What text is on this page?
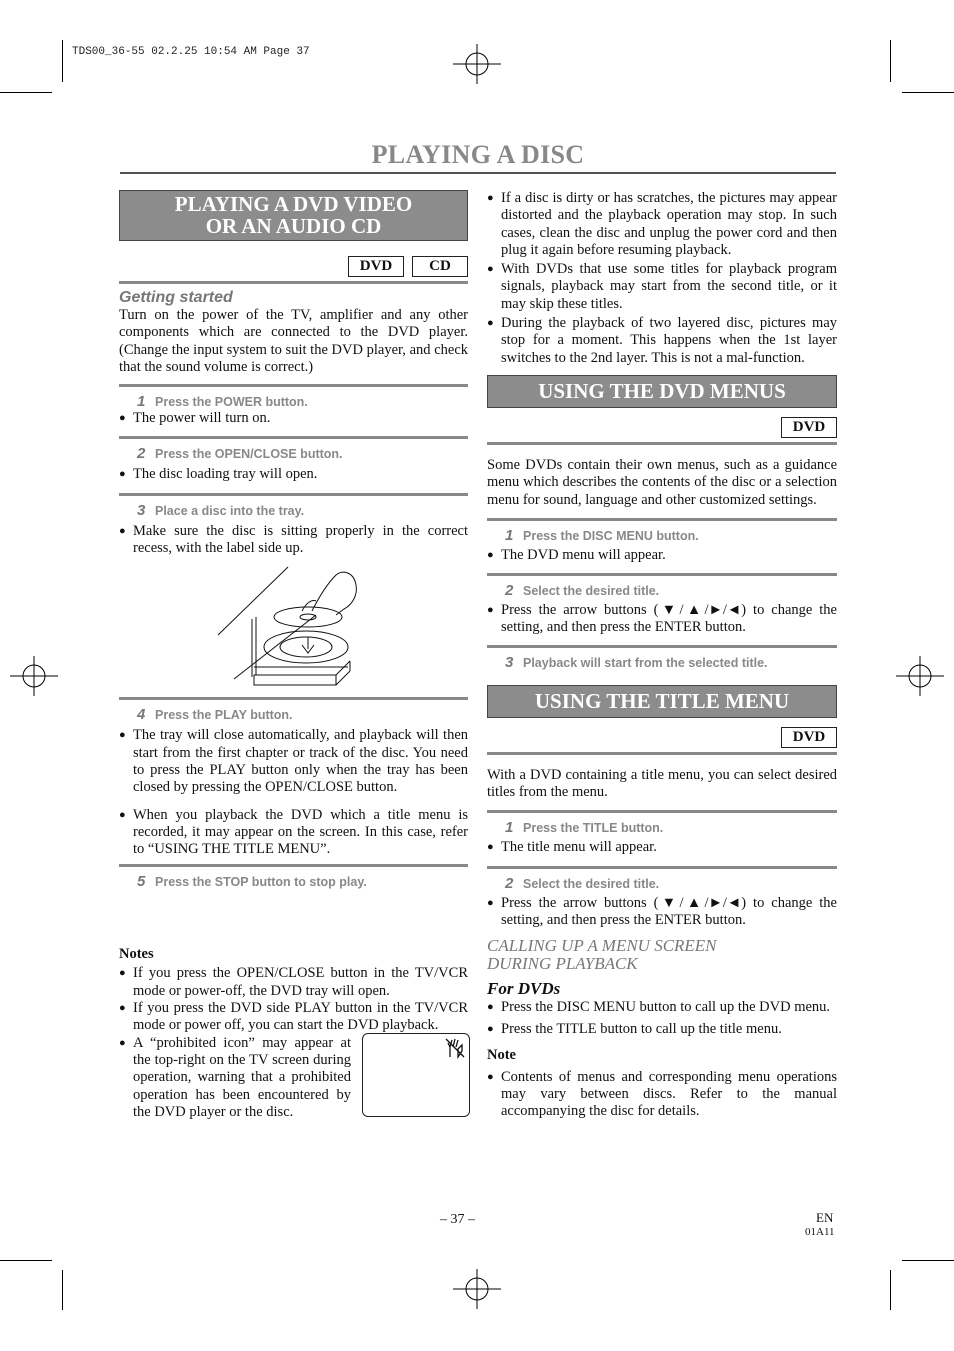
TDS00_36-55 02.2.25 10:54 AM Page 37
PLAYING A DISC
PLAYING A DVD VIDEO
OR AN AUDIO CD
DVD	CD
Getting started

Turn on the power of the TV, amplifier and any other components which are connected to the DVD player. (Change the input system to suit the DVD player, and check that the sound volume is correct.)

1 Press the POWER button.
● The power will turn on.
2 Press the OPEN/CLOSE button.
● The disc loading tray will open.
3 Place a disc into the tray.
● Make sure the disc is sitting properly in the correct recess, with the label side up.
4 Press the PLAY button.
● The tray will close automatically, and playback will then start from the first chapter or track of the disc. You need to press the PLAY button only when the tray has been closed by pressing the OPEN/CLOSE button.
● When you playback the DVD which a title menu is recorded, it may appear on the screen. In this case, refer to “USING THE TITLE MENU”.
5 Press the STOP button to stop play.
Notes
● If you press the OPEN/CLOSE button in the TV/VCR mode or power-off, the DVD tray will open.
● If you press the DVD side PLAY button in the TV/VCR mode or power off, you can start the DVD playback.
● A “prohibited icon” may appear at the top-right on the TV screen during operation, warning that a prohibited operation has been encountered by the DVD player or the disc.
● If a disc is dirty or has scratches, the pictures may appear distorted and the playback operation may stop. In such cases, clean the disc and unplug the power cord and then plug it again before resuming playback.
● With DVDs that use some titles for playback program signals, playback may start from the second title, or it may skip these titles.
● During the playback of two layered disc, pictures may stop for a moment. This happens when the 1st layer switches to the 2nd layer. This is not a mal-function.
USING THE DVD MENUS
DVD

Some DVDs contain their own menus, such as a guidance menu which describes the contents of the disc or a selection menu for sound, language and other customized settings.

1 Press the DISC MENU button.
● The DVD menu will appear.
2 Select the desired title.
● Press the arrow buttons (▼/▲/►/◄) to change the setting, and then press the ENTER button.
3 Playback will start from the selected title.
USING THE TITLE MENU
DVD

With a DVD containing a title menu, you can select desired titles from the menu.

1 Press the TITLE button.
● The title menu will appear.
2 Select the desired title.
● Press the arrow buttons (▼/▲/►/◄) to change the setting, and then press the ENTER button.
CALLING UP A MENU SCREEN
DURING PLAYBACK
For DVDs
● Press the DISC MENU button to call up the DVD menu.
● Press the TITLE button to call up the title menu.
Note
● Contents of menus and corresponding menu operations may vary between discs. Refer to the manual accompanying the disc for details.
– 37 –	EN
01A11
